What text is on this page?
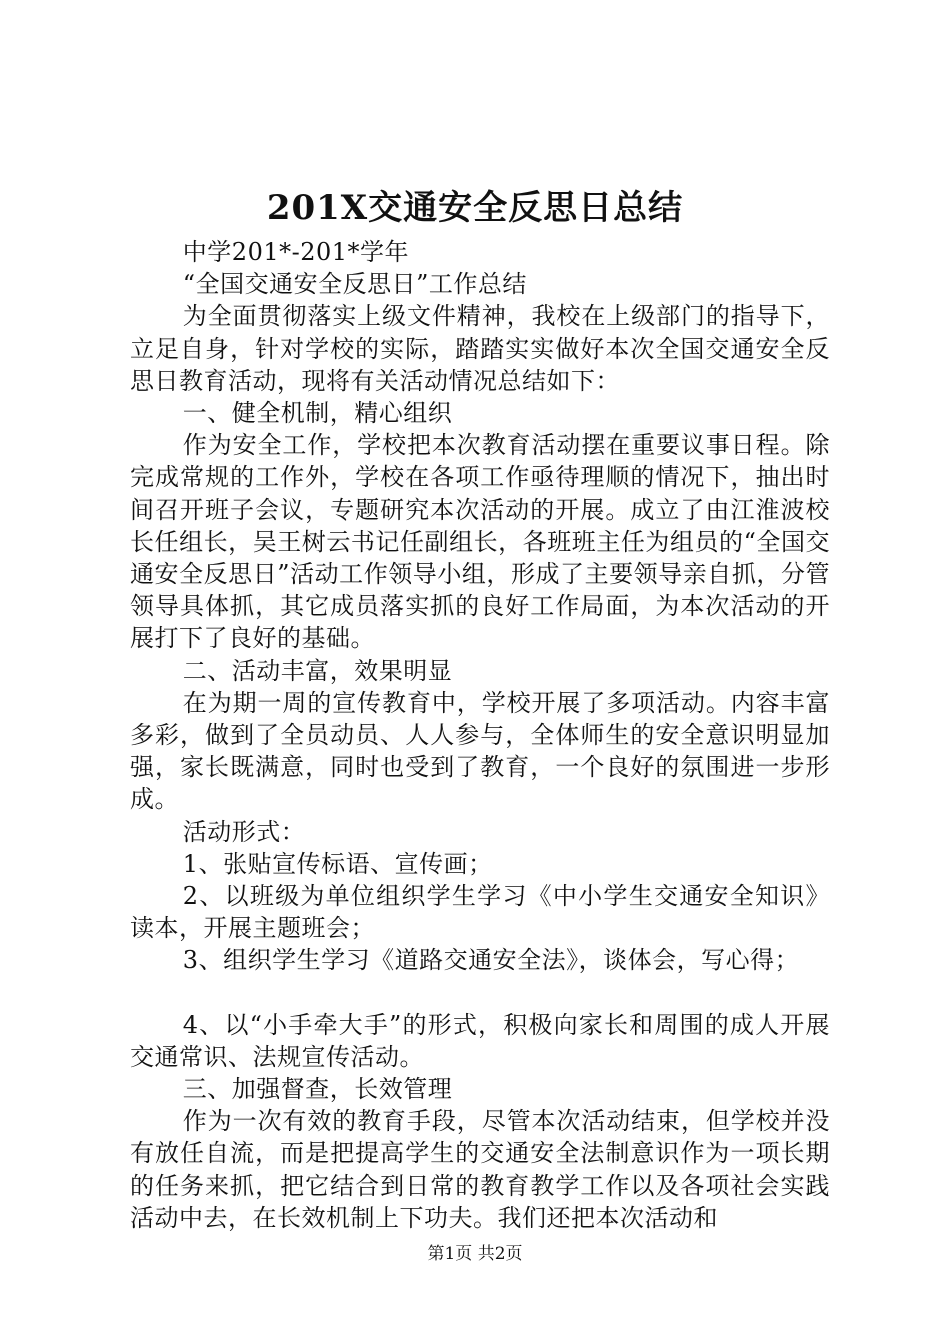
201X交通安全反思日总结

中学201*-201*学年

“全国交通安全反思日”工作总结

为全面贯彻落实上级文件精神，我校在上级部门的指导下，立足自身，针对学校的实际，踏踏实实做好本次全国交通安全反思日教育活动，现将有关活动情况总结如下：

一、健全机制，精心组织

作为安全工作，学校把本次教育活动摆在重要议事日程。除完成常规的工作外，学校在各项工作亟待理顺的情况下，抽出时间召开班子会议，专题研究本次活动的开展。成立了由江淮波校长任组长，吴王树云书记任副组长，各班班主任为组员的“全国交通安全反思日”活动工作领导小组，形成了主要领导亲自抓，分管领导具体抓，其它成员落实抓的良好工作局面，为本次活动的开展打下了良好的基础。

二、活动丰富，效果明显

在为期一周的宣传教育中，学校开展了多项活动。内容丰富多彩，做到了全员动员、人人参与，全体师生的安全意识明显加强，家长既满意，同时也受到了教育，一个良好的氛围进一步形成。

活动形式：

1、张贴宣传标语、宣传画；

2、以班级为单位组织学生学习《中小学生交通安全知识》读本，开展主题班会；

3、组织学生学习《道路交通安全法》，谈体会，写心得；

4、以“小手牵大手”的形式，积极向家长和周围的成人开展交通常识、法规宣传活动。

三、加强督查，长效管理

作为一次有效的教育手段，尽管本次活动结束，但学校并没有放任自流，而是把提高学生的交通安全法制意识作为一项长期的任务来抓，把它结合到日常的教育教学工作以及各项社会实践活动中去，在长效机制上下功夫。我们还把本次活动和

第1页 共2页
